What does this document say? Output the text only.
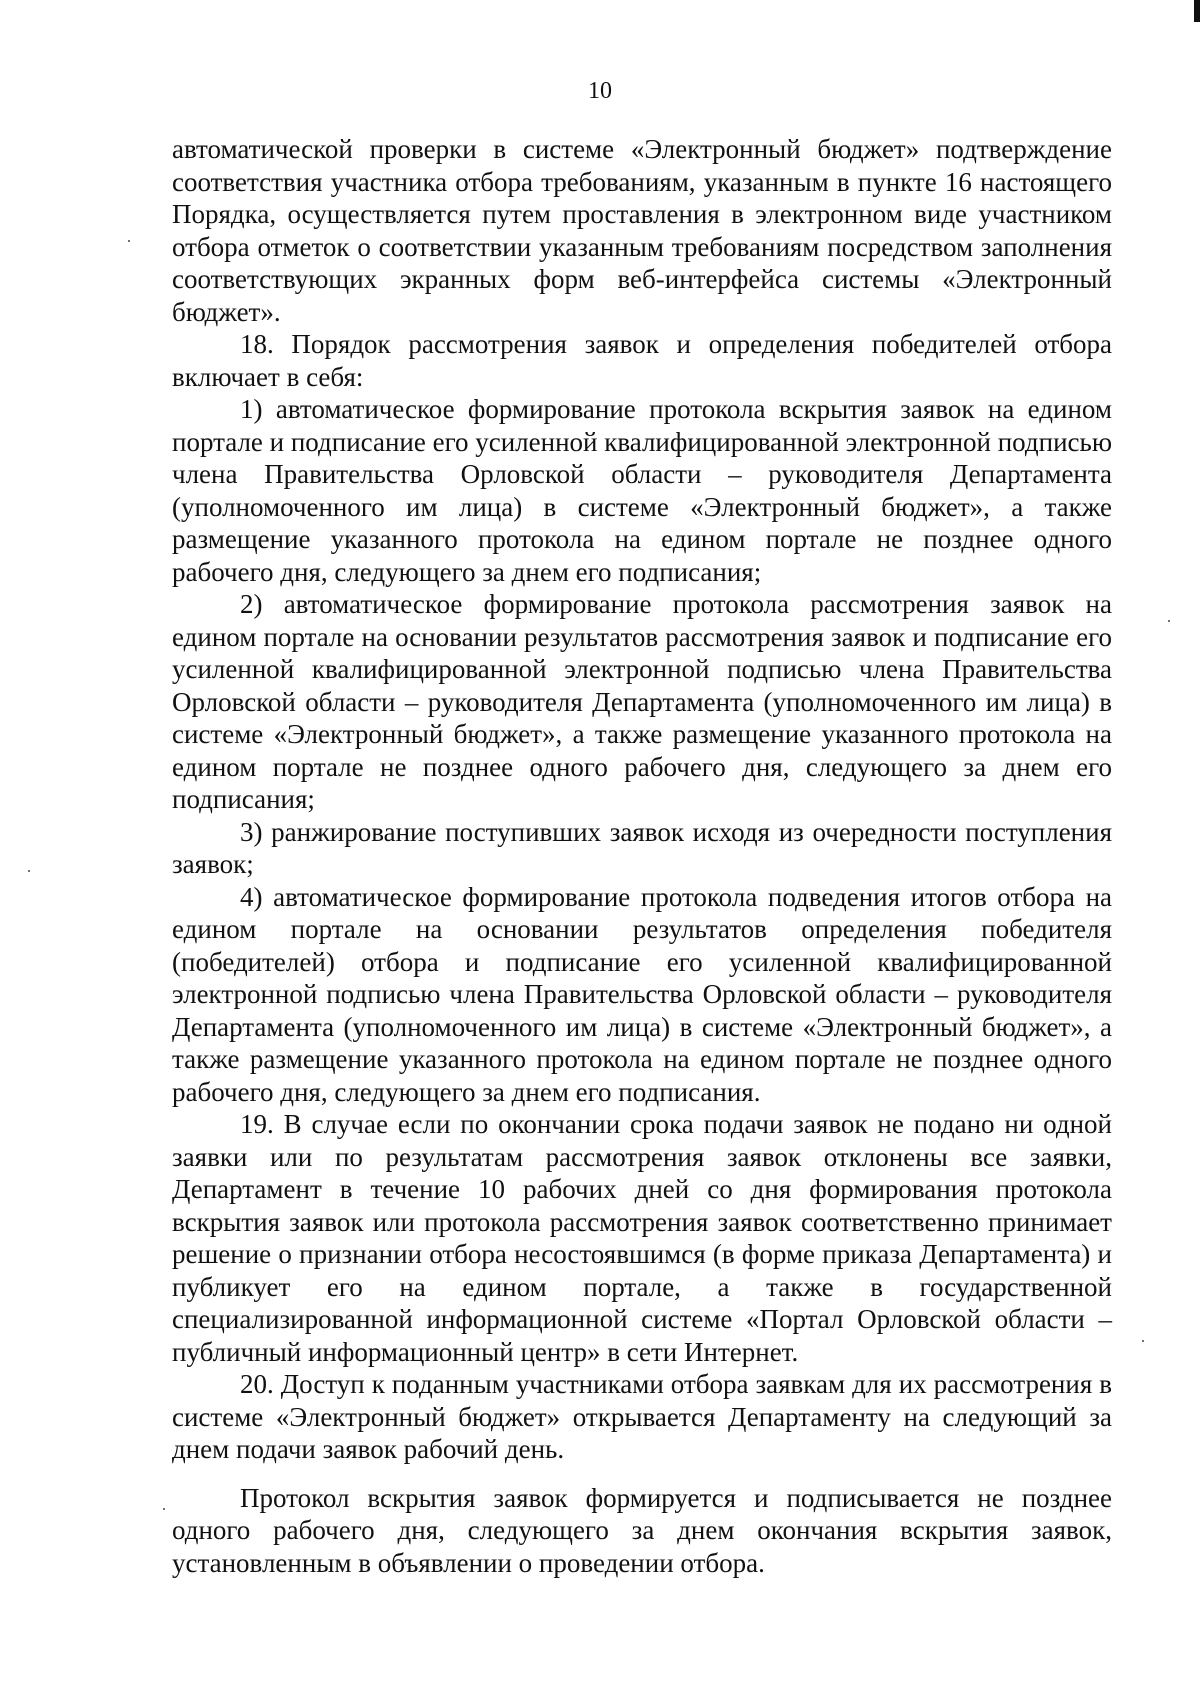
10

автоматической проверки в системе «Электронный бюджет» подтверждение соответствия участника отбора требованиям, указанным в пункте 16 настоящего Порядка, осуществляется путем проставления в электронном виде участником отбора отметок о соответствии указанным требованиям посредством заполнения соответствующих экранных форм веб-интерфейса системы «Электронный бюджет».

18. Порядок рассмотрения заявок и определения победителей отбора включает в себя:

1) автоматическое формирование протокола вскрытия заявок на едином портале и подписание его усиленной квалифицированной электронной подписью члена Правительства Орловской области – руководителя Департамента (уполномоченного им лица) в системе «Электронный бюджет», а также размещение указанного протокола на едином портале не позднее одного рабочего дня, следующего за днем его подписания;

2) автоматическое формирование протокола рассмотрения заявок на едином портале на основании результатов рассмотрения заявок и подписание его усиленной квалифицированной электронной подписью члена Правительства Орловской области – руководителя Департамента (уполномоченного им лица) в системе «Электронный бюджет», а также размещение указанного протокола на едином портале не позднее одного рабочего дня, следующего за днем его подписания;

3) ранжирование поступивших заявок исходя из очередности поступления заявок;

4) автоматическое формирование протокола подведения итогов отбора на едином портале на основании результатов определения победителя (победителей) отбора и подписание его усиленной квалифицированной электронной подписью члена Правительства Орловской области – руководителя Департамента (уполномоченного им лица) в системе «Электронный бюджет», а также размещение указанного протокола на едином портале не позднее одного рабочего дня, следующего за днем его подписания.

19. В случае если по окончании срока подачи заявок не подано ни одной заявки или по результатам рассмотрения заявок отклонены все заявки, Департамент в течение 10 рабочих дней со дня формирования протокола вскрытия заявок или протокола рассмотрения заявок соответственно принимает решение о признании отбора несостоявшимся (в форме приказа Департамента) и публикует его на едином портале, а также в государственной специализированной информационной системе «Портал Орловской области – публичный информационный центр» в сети Интернет.

20. Доступ к поданным участниками отбора заявкам для их рассмотрения в системе «Электронный бюджет» открывается Департаменту на следующий за днем подачи заявок рабочий день.

Протокол вскрытия заявок формируется и подписывается не позднее одного рабочего дня, следующего за днем окончания вскрытия заявок, установленным в объявлении о проведении отбора.
